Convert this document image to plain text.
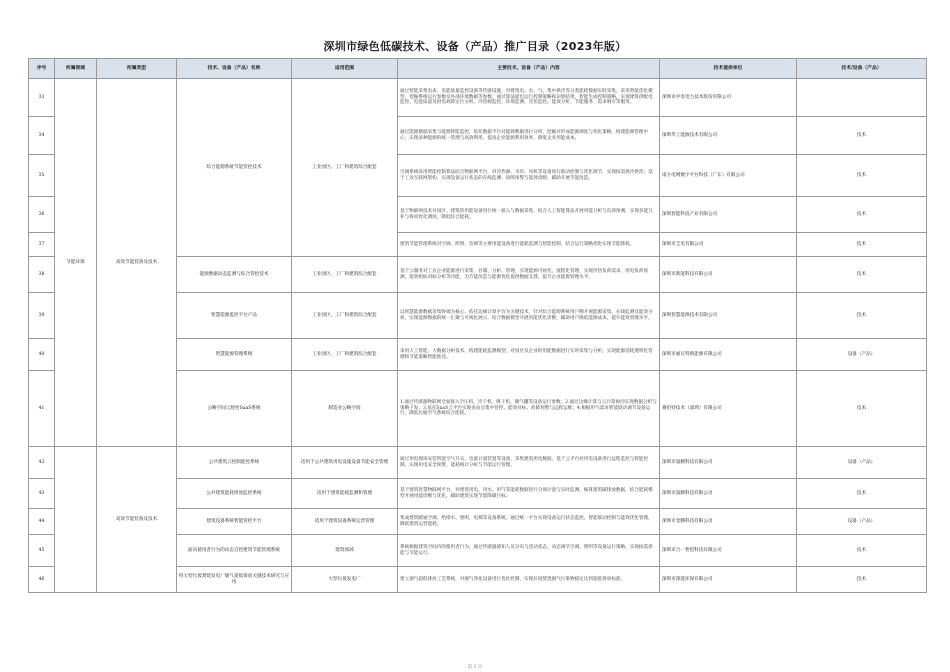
深圳市绿色低碳技术、设备（产品）推广目录（2023年版）
序号	所属领域	所属类型	技术、设备（产品）名称	适用范围	主要技术、设备（产品）内容	技术提供单位	技术/设备（产品）
33	节能环保	高效节能装备及技术	综合能源系统节能管控技术	工业园区、工厂和建筑综合配套	通过智能采集电表、电能质量监控设备等传感设施，对建筑电、水、气、集中供冷等分类能耗数据实时采集，采用智能优化模型，挖掘系统运行参数及外部环境数据等参数，通过算法提出运行控制策略和识别结果，智能生成控制策略，实现建筑供配电监控、电能质量及供电故障定位分析、冷热源监控、环境监测、光伏监控、能效分析、节能服务、需求响应等服务。	深圳市中电电力技术股份有限公司	
34					通过能源数据采集与能源智能监控，依托数据平台对能源数据进行分析、挖掘并形成能源调度与优化策略，构建能源管理中心，实现多种能源的统一管理与高效利用，提高企业能源利用效率，降低企业用能成本。	深圳华工能源技术有限公司	技术
35					空调系统采用智能控制算法结合物联网平台，对冷热源、水泵、风机等设备进行联动控制与优化调节，实现按需供冷供热；基于工业互联网架构，实现设备运行状态的在线监测、故障预警与能效诊断，辅助开展节能改造。	南方电网数字平台科技（广东）有限公司	技术
36					基于物联网技术对园区、建筑的用能设备进行统一接入与数据采集，结合人工智能算法开展用能分析与负荷预测，实现多能互补与协同优化调度，降低综合能耗。	深圳智能科技产业有限公司	技术
37					建筑节能管理系统对空调、照明、电梯等主要用能设备进行能耗监测与智能控制，结合运行策略优化实现节能降耗。	深圳市圭电有限公司	技术
38			能源数据动态监测与综合管控技术	工业园区、工厂和建筑综合配套	基于云服务对工业企业能源进行采集、存储、分析、管理，实现能源可视化、流程化管理，实现冷热负荷需求、用电负荷预测，能效指标对标分析等功能，为节能改造与能源优化提供数据支撑，提升企业能源管理水平。	深圳市新能科技有限公司	技术
39			智慧能源监控平台产品	工业园区、工厂和建筑综合配套	以智慧能源数据采集终端为核心，依托边缘计算平台为关键技术，针对综合能源系统用户侧开展能源采集、在线监测及能效分析，实现能源数据的统一汇聚与可视化展示，结合数据模型开展用能优化诊断，辅助用户降低能源成本，提升能效管理水平。	深圳智慧能源技术有限公司	技术
40			智慧能源管理系统	工业园区、工厂和建筑综合配套	采用人工智能、大数据分析技术，构建能耗监测模型，对园区及企业的用能数据进行实时采集与分析，实现能源消耗透明化管理和节能策略智能推送。	深圳市福瓦特新能源有限公司	设备（产品）
41			公略空间云智控SaaS系统	制造业公略空间	1.通过传感器物联网全面接入空压机、冷干机、吸干机、储气罐等设备运行参数；2.通过边缘计算与云计算协同实现数据分析与策略下发；3.依托SaaS云平台实现多站点集中管控、能效对标、故障预警与远程运维；4.根据用气需求智能联动调节设备运行，降低压缩空气系统综合能耗。	赛伯特技术（深圳）有限公司	技术
42		高效节能装备及技术	公共建筑云控制能控系统	适用于公共建筑用电设施设备节能安全管理	通过用电现场安装智能空气开关、电量计量装置等设备，采集建筑用电数据，基于云平台对用电设备进行远程监控与智能控制，实现用电安全预警、能耗统计分析与节能运行管理。	深圳市量腾科技有限公司	设备（产品）
43			公共建筑能耗排放监控系统	适用于建筑能耗监测和管理	基于建筑智慧物联网平台，对建筑用电、用水、用气等能耗数据进行分项计量与实时监测，核算建筑碳排放数据，结合能耗模型开展用能诊断与优化，辅助建筑实现节能降碳目标。	深圳市量腾科技有限公司	技术
44			建筑设备系统智能管控平台	适用于建筑设备系统运营管理	集成建筑暖通空调、给排水、照明、电梯等设备系统，通过统一平台实现设备运行状态监控、智能联动控制与能效优化管理，降低建筑运营能耗。	深圳市金腾科技有限公司	设备（产品）
45			面向使用者行为的动态自控建筑节能管理系统	建筑领域	系统根据建筑空间内的使用者行为，通过传感器感知人员分布与活动状态，动态调节空调、照明等设备运行策略，实现按需供能与节能运行。	深圳市合一智控科技有限公司	技术
46			特大型垃圾焚烧发电厂烟气超低排放关键技术研究与应用	大型垃圾发电厂	建立烟气超低排放工艺系统，对烟气净化设备进行优化控制，实现垃圾焚烧烟气污染物稳定达到超低排放标准。	深圳市深能环保有限公司	技术
第 3 页
